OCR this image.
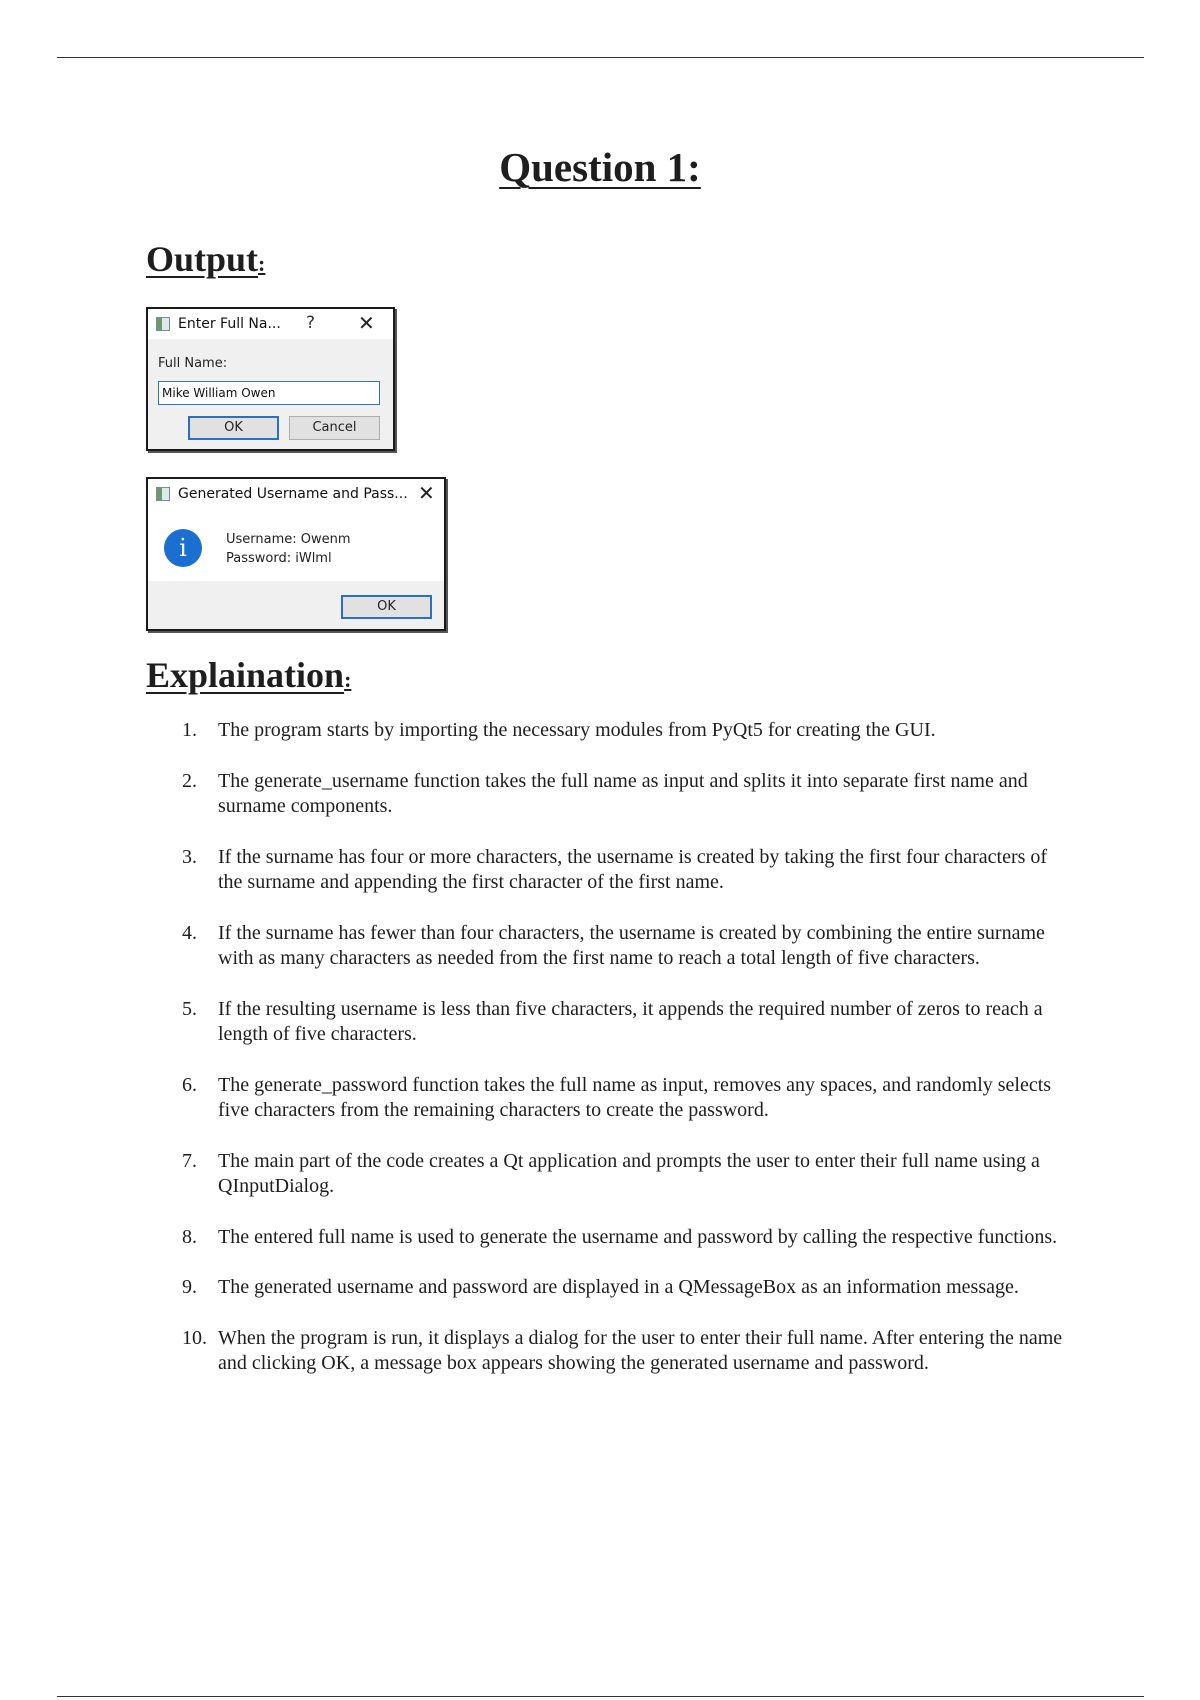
Question 1:
Output:
Enter Full Na... ? ✕
Full Name:
Mike William Owen
OK	Cancel
Generated Username and Pass... ✕
i	Username: Owenm
Password: iWlml
OK
Explaination:
1. The program starts by importing the necessary modules from PyQt5 for creating the GUI.
2. The generate_username function takes the full name as input and splits it into separate first name and surname components.
3. If the surname has four or more characters, the username is created by taking the first four characters of the surname and appending the first character of the first name.
4. If the surname has fewer than four characters, the username is created by combining the entire surname with as many characters as needed from the first name to reach a total length of five characters.
5. If the resulting username is less than five characters, it appends the required number of zeros to reach a length of five characters.
6. The generate_password function takes the full name as input, removes any spaces, and randomly selects five characters from the remaining characters to create the password.
7. The main part of the code creates a Qt application and prompts the user to enter their full name using a QInputDialog.
8. The entered full name is used to generate the username and password by calling the respective functions.
9. The generated username and password are displayed in a QMessageBox as an information message.
10. When the program is run, it displays a dialog for the user to enter their full name. After entering the name and clicking OK, a message box appears showing the generated username and password.
